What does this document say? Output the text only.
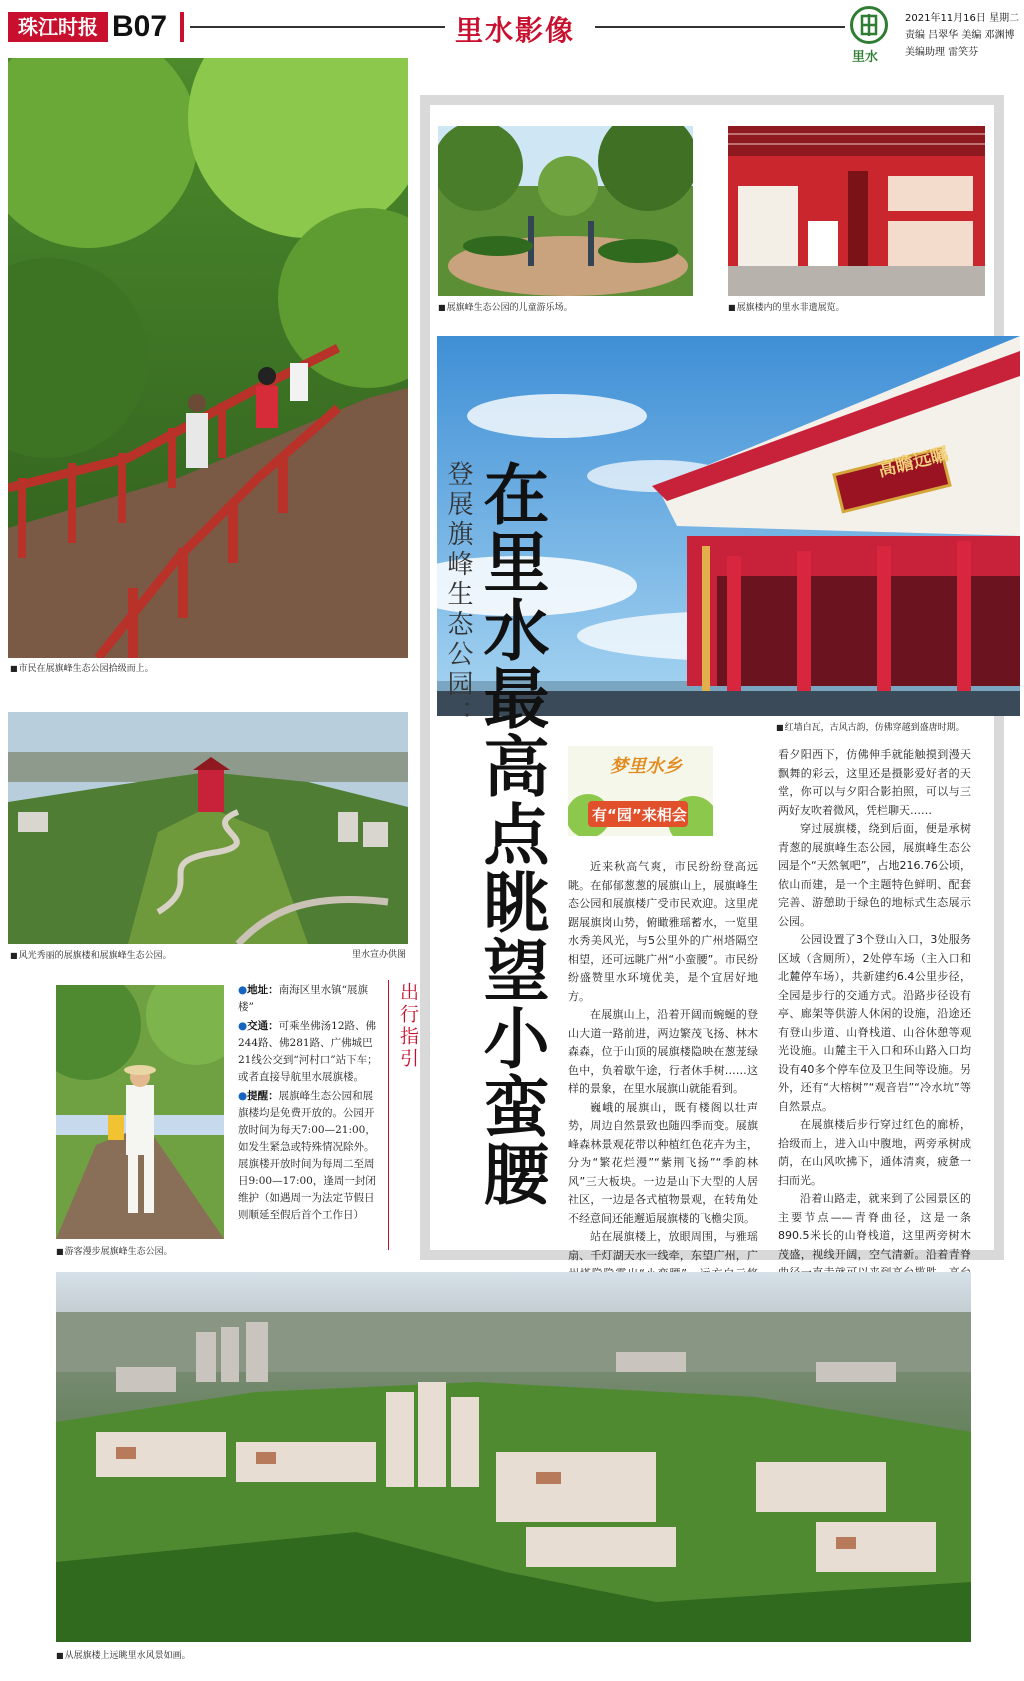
珠江时报 B07	里水影像
里水
2021年11月16日 星期二
责编 吕翠华 美编 邓渊博
美编助理 雷笑芬
■ 市民在展旗峰生态公园拾级而上。
■ 展旗峰生态公园的儿童游乐场。
■	展旗楼内的里水非遗展览。
高瞻远瞩
■ 红墙白瓦，古风古韵，仿佛穿越到盛唐时期。
■ 风光秀丽的展旗楼和展旗峰生态公园。	里水宣办供图
■ 游客漫步展旗峰生态公园。
出行指引

●地址：南海区里水镇“展旗楼”

●交通：可乘坐佛汤12路、佛244路、佛281路、广佛城巴21线公交到“河村口”站下车；或者直接导航里水展旗楼。

●提醒：展旗峰生态公园和展旗楼均是免费开放的。公园开放时间为每天7:00—21:00，如发生紧急或特殊情况除外。展旗楼开放时间为每周二至周日9:00—17:00，逢周一封闭维护（如遇周一为法定节假日则顺延至假后首个工作日）

登展旗峰生态公园： 在里水最高点眺望小蛮腰	梦里水乡
有“园”来相会

近来秋高气爽，市民纷纷登高远眺。在郁郁葱葱的展旗山上，展旗峰生态公园和展旗楼广受市民欢迎。这里虎踞展旗岗山势，俯瞰雅瑶蓄水，一览里水秀美风光，与5公里外的广州塔隔空相望，还可远眺广州“小蛮腰”。市民纷纷盛赞里水环境优美，是个宜居好地方。

在展旗山上，沿着开阔而蜿蜒的登山大道一路前进，两边繁茂飞扬、林木森森，位于山顶的展旗楼隐映在葱茏绿色中，负着歇午途，行者休手树……这样的景象，在里水展旗山就能看到。

巍峨的展旗山，既有楼阁以壮声势，周边自然景致也随四季而变。展旗峰森林景观花带以种植红色花卉为主，分为“繁花烂漫”“紫荆飞扬”“季韵林风”三大板块。一边是山下大型的人居社区，一边是各式植物景观，在转角处不经意间还能邂逅展旗楼的飞檐尖顶。

站在展旗楼上，放眼周围，与雅瑶扇、千灯湖天水一线牵，东望广州，广

看夕阳西下，仿佛伸手就能触摸到漫天飘舞的彩云，这里还是摄影爱好者的天堂，你可以与夕阳合影拍照，可以与三两好友吹着微风，凭栏聊天……

穿过展旗楼，绕到后面，便是承树青葱的展旗峰生态公园，展旗峰生态公园是个“天然氧吧”，占地216.76公顷，依山而建，是一个主题特色鲜明、配套完善、游憩助于绿色的地标式生态展示公园。

公园设置了3个登山入口，3处服务区域（含厕所），2处停车场（主入口和北麓停车场），共新建约6.4公里步径，全园是步行的交通方式。沿路步径设有亭、廊架等供游人休闲的设施，沿途还有登山步道、山脊栈道、山谷休憩等观光设施。山麓主干入口和环山路入口均设有40多个停车位及卫生间等设施。另外，还有“大榕树”“观音岩”“冷水坑”等自然景点。

在展旗楼后步行穿过红色的廊桥，拾级而上，进入山中腹地，两旁承树成荫，在山风吹拂下，通体清爽，疲惫一扫而光。

沿着山路走，就来到了公园景区的主要节点——青脊曲径，这是一条890.5米长的山脊栈道，这里两旁树木茂盛，视线开阔，空气清新。沿着青脊

■ 从展旗楼上远眺里水风景如画。
